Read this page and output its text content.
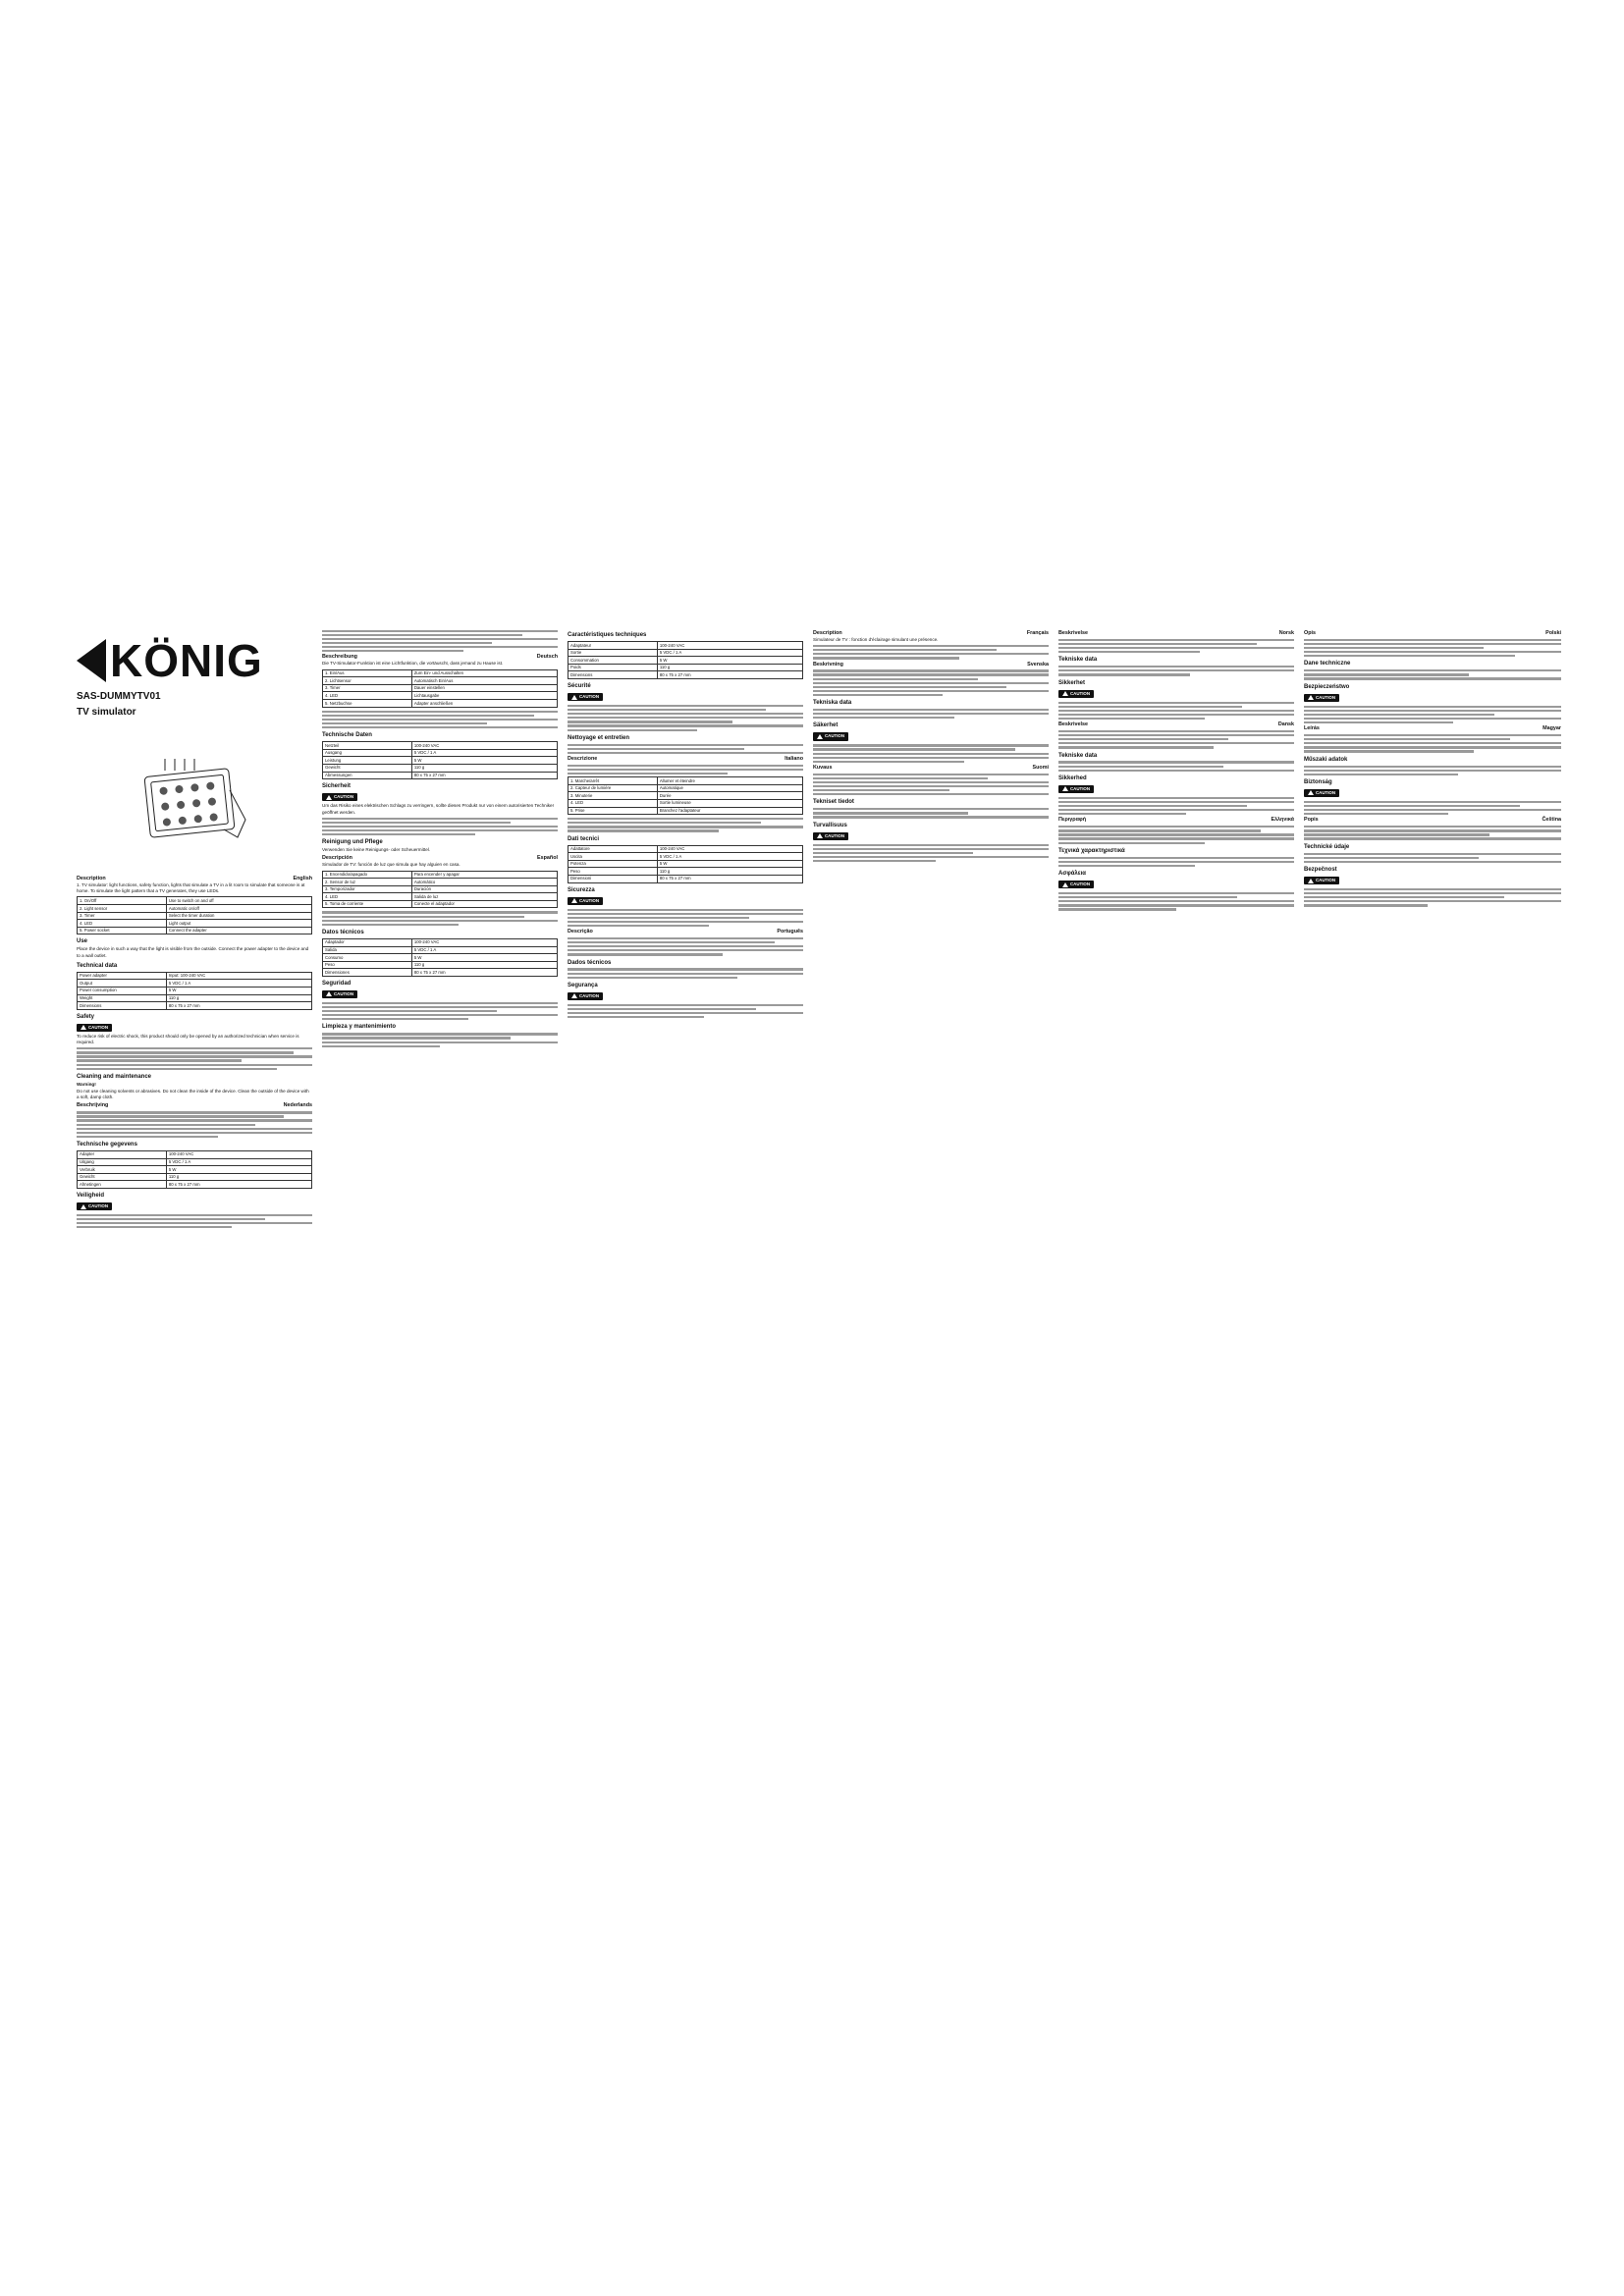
KÖNIG
SAS-DUMMYTV01
TV simulator
Description	English

1. TV simulator: light functions, safety function, lights that simulate a TV in a lit room to simulate that someone is at home. To simulate the light pattern that a TV generates, they use LEDs.

1. On/Off	Use to switch on and off
2. Light sensor	Automatic on/off
3. Timer	Select the timer duration
4. LED	Light output
5. Power socket	Connect the adapter
Use

Place the device in such a way that the light is visible from the outside. Connect the power adapter to the device and to a wall outlet.

Technical data
Power adapter	Input: 100-240 VAC
Output	5 VDC / 1 A
Power consumption	5 W
Weight	110 g
Dimensions	80 x 75 x 27 mm
Safety
CAUTION

To reduce risk of electric shock, this product should only be opened by an authorized technician when service is required.

Cleaning and maintenance

Warning!

Do not use cleaning solvents or abrasives. Do not clean the inside of the device. Clean the outside of the device with a soft, damp cloth.

Beschrijving	Nederlands
Technische gegevens
Adapter	100-240 VAC
Uitgang	5 VDC / 1 A
Verbruik	5 W
Gewicht	110 g
Afmetingen	80 x 75 x 27 mm
Veiligheid
CAUTION
Beschreibung	Deutsch

Die TV-Simulator-Funktion ist eine Lichtfunktion, die vortäuscht, dass jemand zu Hause ist.

1. Ein/Aus	Zum Ein- und Ausschalten
2. Lichtsensor	Automatisch Ein/Aus
3. Timer	Dauer einstellen
4. LED	Lichtausgabe
5. Netzbuchse	Adapter anschließen
Technische Daten
Netzteil	100-240 VAC
Ausgang	5 VDC / 1 A
Leistung	5 W
Gewicht	110 g
Abmessungen	80 x 75 x 27 mm
Sicherheit
CAUTION

Um das Risiko eines elektrischen Schlags zu verringern, sollte dieses Produkt nur von einem autorisierten Techniker geöffnet werden.

Reinigung und Pflege

Verwenden Sie keine Reinigungs- oder Scheuermittel.

Descripción	Español

Simulador de TV: función de luz que simula que hay alguien en casa.

1. Encendido/apagado	Para encender y apagar
2. Sensor de luz	Automático
3. Temporizador	Duración
4. LED	Salida de luz
5. Toma de corriente	Conecte el adaptador
Datos técnicos
Adaptador	100-240 VAC
Salida	5 VDC / 1 A
Consumo	5 W
Peso	110 g
Dimensiones	80 x 75 x 27 mm
Seguridad
CAUTION
Limpieza y mantenimiento
Caractéristiques techniques
Adaptateur	100-240 VAC
Sortie	5 VDC / 1 A
Consommation	5 W
Poids	110 g
Dimensions	80 x 75 x 27 mm
Sécurité
CAUTION
Nettoyage et entretien
Descrizione	Italiano
1. Marche/arrêt	Allumer et éteindre
2. Capteur de lumière	Automatique
3. Minuterie	Durée
4. LED	Sortie lumineuse
5. Prise	Branchez l'adaptateur
Dati tecnici
Adattatore	100-240 VAC
Uscita	5 VDC / 1 A
Potenza	5 W
Peso	110 g
Dimensioni	80 x 75 x 27 mm
Sicurezza
CAUTION
Descrição	Português
Dados técnicos
Segurança
CAUTION
Description	Français

Simulateur de TV : fonction d'éclairage simulant une présence.

Beskrivning	Svenska
Tekniska data
Säkerhet
CAUTION
Kuvaus	Suomi
Tekniset tiedot
Turvallisuus
CAUTION
Beskrivelse	Norsk
Tekniske data
Sikkerhet
CAUTION
Beskrivelse	Dansk
Tekniske data
Sikkerhed
CAUTION
Περιγραφή	Ελληνικά
Τεχνικά χαρακτηριστικά
Ασφάλεια
CAUTION
Opis	Polski
Dane techniczne
Bezpieczeństwo
CAUTION
Leírás	Magyar
Műszaki adatok
Biztonság
CAUTION
Popis	Čeština
Technické údaje
Bezpečnost
CAUTION
